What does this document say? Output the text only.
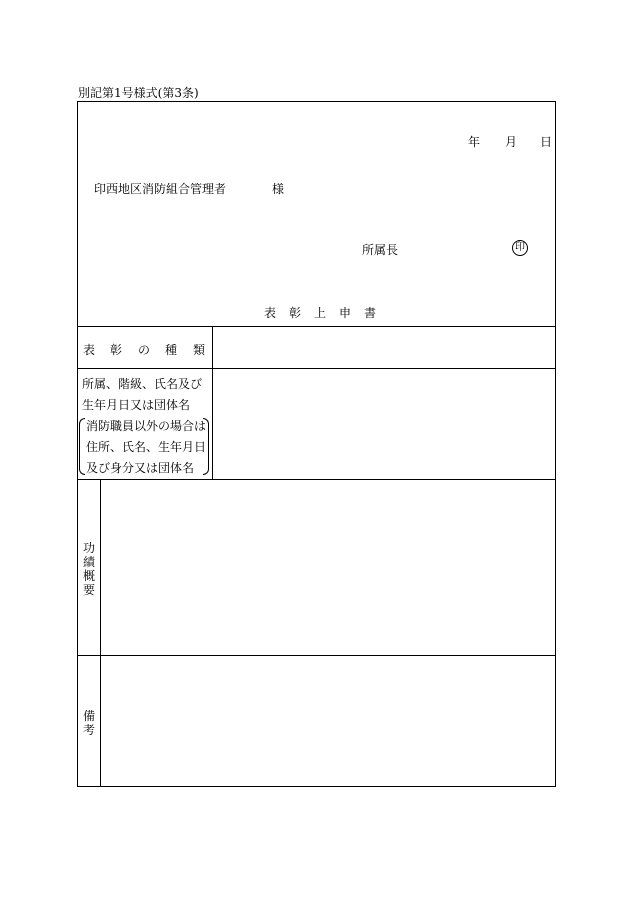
別記第1号様式(第3条)
年 月 日
印西地区消防組合管理者	様
所属長	印
表 彰 上 申 書
表 彰 の 種 類
所属、階級、氏名及び
生年月日又は団体名
消防職員以外の場合は
住所、氏名、生年月日
及び身分又は団体名
功
績
概
要
備
考
